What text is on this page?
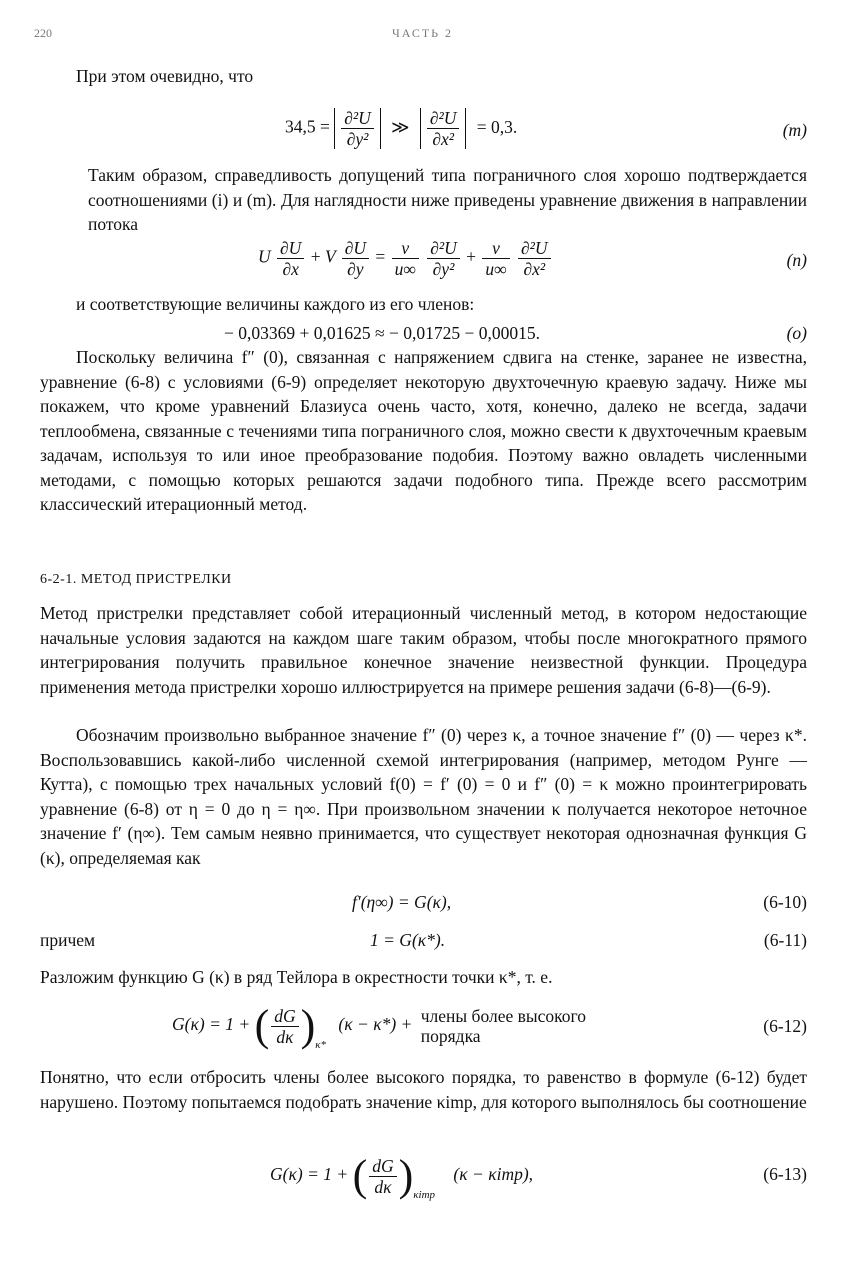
220	ЧАСТЬ 2

При этом очевидно, что

$34,5 = \frac{\text{∂²U}}{\text{∂y²}}$ ≫ $\frac{\text{∂²U}}{\text{∂x²}} = 0,3$.	(m)

Таким образом, справедливость допущений типа пограничного слоя хорошо подтверждается соотношениями (i) и (m). Для наглядности ниже приведены уравнение движения в направлении потока

U $\frac{\partial U}{\partial x} + V \frac{\partial U}{\partial y} = \frac{\nu}{u\infty}$
$\frac{\text{∂²U}}{\text{∂y²}} + \frac{\nu}{u\infty}$
$\frac{\text{∂²U}}{\text{∂x²}}$	(n)

и соответствующие величины каждого из его членов:

− 0,03369 + 0,01625 ≈ − 0,01725 − 0,00015.	(o)

Поскольку величина f″ (0), связанная с напряжением сдвига на стенке, заранее не известна, уравнение (6-8) с условиями (6-9) определяет некоторую двухточечную краевую задачу. Ниже мы покажем, что кроме уравнений Блазиуса очень часто, хотя, конечно, далеко не всегда, задачи теплообмена, связанные с течениями типа пограничного слоя, можно свести к двухточечным краевым задачам, используя то или иное преобразование подобия. Поэтому важно овладеть численными методами, с помощью которых решаются задачи подобного типа. Прежде всего рассмотрим классический итерационный метод.

6-2-1. МЕТОД ПРИСТРЕЛКИ

Метод пристрелки представляет собой итерационный численный метод, в котором недостающие начальные условия задаются на каждом шаге таким образом, чтобы после многократного прямого интегрирования получить правильное конечное значение неизвестной функции. Процедура применения метода пристрелки хорошо иллюстрируется на примере решения задачи (6-8)—(6-9).

Обозначим произвольно выбранное значение f″ (0) через κ, а точное значение f″ (0) — через κ*. Воспользовавшись какой-либо численной схемой интегрирования (например, методом Рунге — Кутта), с помощью трех начальных условий f(0) = f′ (0) = 0 и f″ (0) = κ можно проинтегрировать уравнение (6-8) от η = 0 до η = η∞. При произвольном значении κ получается некоторое неточное значение f′ (η∞). Тем самым неявно принимается, что существует некоторая однозначная функция G (κ), определяемая как

f′(η∞) = G(κ),	(6-10)
причем	1 = G(κ*).	(6-11)

Разложим функцию G (κ) в ряд Тейлора в окрестности точки κ*, т. е.

G(κ) = 1 + ( $\frac{dG}{d\kappa} )_{\kappa*}$ (κ − κ*) + члены более высокого
порядка	(6-12)

Понятно, что если отбросить члены более высокого порядка, то равенство в формуле (6-12) будет нарушено. Поэтому попытаемся подобрать значение κimp, для которого выполнялось бы соотношение

G(κ) = 1 + ( $\frac{dG}{d\kappa} )_{\kappa imp}$ (κ − κimp),	(6-13)
